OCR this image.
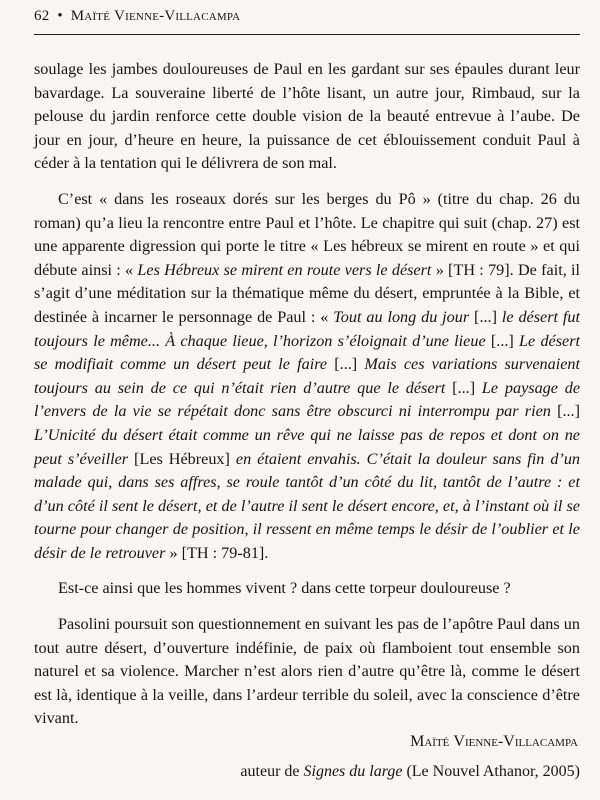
62 • Maïté Vienne-Villacampa

soulage les jambes douloureuses de Paul en les gardant sur ses épaules durant leur bavardage. La souveraine liberté de l’hôte lisant, un autre jour, Rimbaud, sur la pelouse du jardin renforce cette double vision de la beauté entrevue à l’aube. De jour en jour, d’heure en heure, la puissance de cet éblouissement conduit Paul à céder à la tentation qui le délivrera de son mal.

C’est « dans les roseaux dorés sur les berges du Pô » (titre du chap. 26 du roman) qu’a lieu la rencontre entre Paul et l’hôte. Le chapitre qui suit (chap. 27) est une apparente digression qui porte le titre « Les hébreux se mirent en route » et qui débute ainsi : « Les Hébreux se mirent en route vers le désert » [TH : 79]. De fait, il s’agit d’une méditation sur la thématique même du désert, empruntée à la Bible, et destinée à incarner le personnage de Paul : « Tout au long du jour [...] le désert fut toujours le même... À chaque lieue, l’horizon s’éloignait d’une lieue [...] Le désert se modifiait comme un désert peut le faire [...] Mais ces variations survenaient toujours au sein de ce qui n’était rien d’autre que le désert [...] Le paysage de l’envers de la vie se répétait donc sans être obscurci ni interrompu par rien [...] L’Unicité du désert était comme un rêve qui ne laisse pas de repos et dont on ne peut s’éveiller [Les Hébreux] en étaient envahis. C’était la douleur sans fin d’un malade qui, dans ses affres, se roule tantôt d’un côté du lit, tantôt de l’autre : et d’un côté il sent le désert, et de l’autre il sent le désert encore, et, à l’instant où il se tourne pour changer de position, il ressent en même temps le désir de l’oublier et le désir de le retrouver » [TH : 79-81].

Est-ce ainsi que les hommes vivent ? dans cette torpeur douloureuse ?

Pasolini poursuit son questionnement en suivant les pas de l’apôtre Paul dans un tout autre désert, d’ouverture indéfinie, de paix où flamboient tout ensemble son naturel et sa violence. Marcher n’est alors rien d’autre qu’être là, comme le désert est là, identique à la veille, dans l’ardeur terrible du soleil, avec la conscience d’être vivant.

Maïté Vienne-Villacampa
auteur de Signes du large (Le Nouvel Athanor, 2005)
